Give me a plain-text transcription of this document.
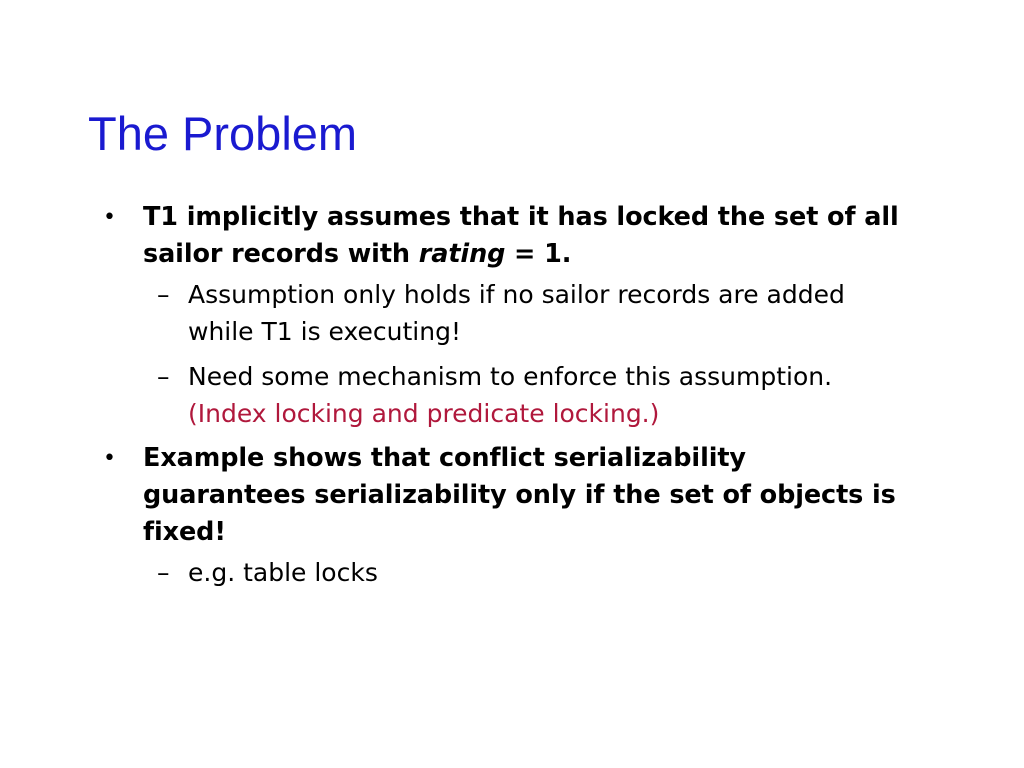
The Problem
• T1 implicitly assumes that it has locked the set of all sailor records with rating = 1.
– Assumption only holds if no sailor records are added while T1 is executing!
– Need some mechanism to enforce this assumption.  (Index locking and predicate locking.)
• Example shows that conflict serializability guarantees serializability only if the set of objects is fixed!
– e.g. table locks
